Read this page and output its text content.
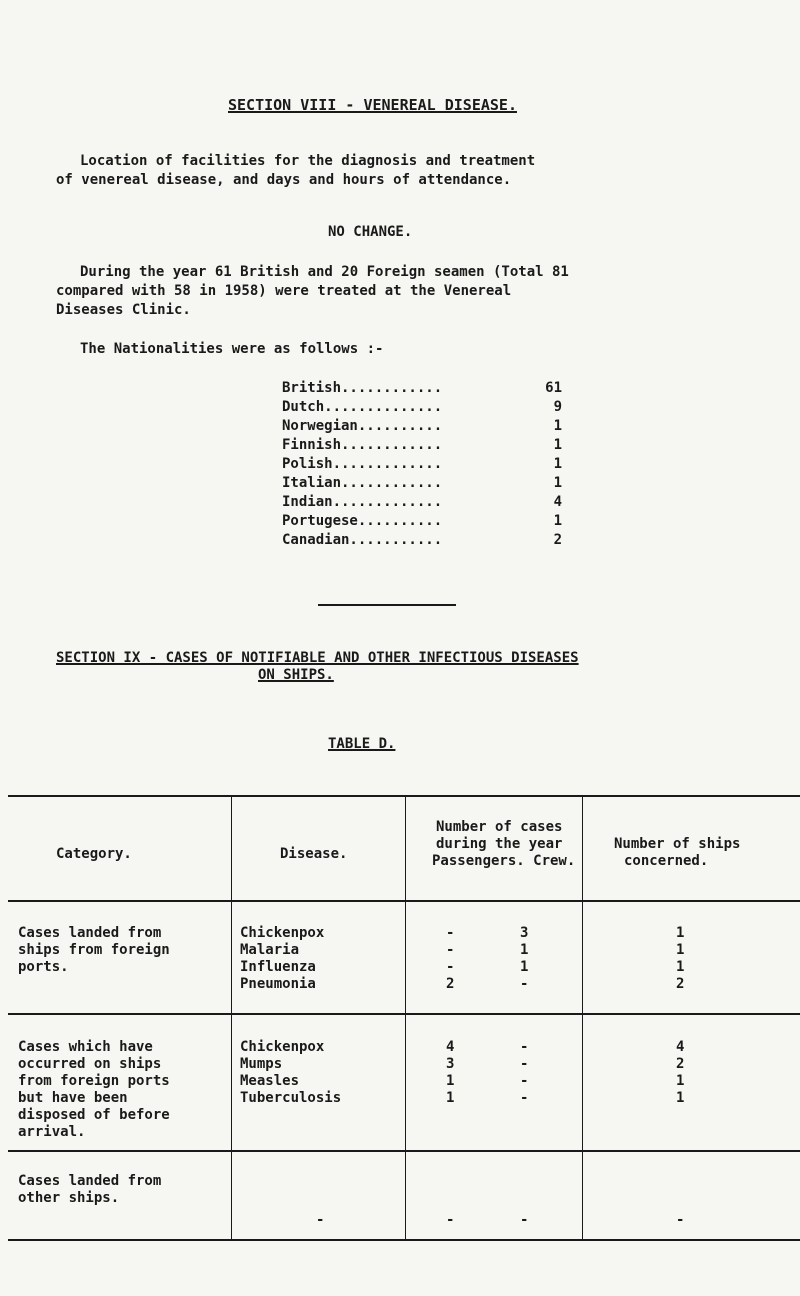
SECTION VIII - VENEREAL DISEASE.
Location of facilities for the diagnosis and treatment
of venereal disease, and days and hours of attendance.
NO CHANGE.
During the year 61 British and 20 Foreign seamen (Total 81
compared with 58 in 1958) were treated at the Venereal
Diseases Clinic.
The Nationalities were as follows :-
British............	61
Dutch..............	9
Norwegian..........	1
Finnish............	1
Polish.............	1
Italian............	1
Indian.............	4
Portugese..........	1
Canadian...........	2
SECTION IX - CASES OF NOTIFIABLE AND OTHER INFECTIOUS DISEASES
ON SHIPS.
TABLE D.
Category.	Disease.
Number of cases
during the year
Passengers. Crew.
Number of ships
concerned.
Cases landed from
ships from foreign
ports.
Chickenpox	-	3	1
Malaria	-	1	1
Influenza	-	1	1
Pneumonia	2	-	2
Cases which have
occurred on ships
from foreign ports
but have been
disposed of before
arrival.
Chickenpox	4	-	4
Mumps	3	-	2
Measles	1	-	1
Tuberculosis	1	-	1
Cases landed from
other ships.
-	-	-	-
